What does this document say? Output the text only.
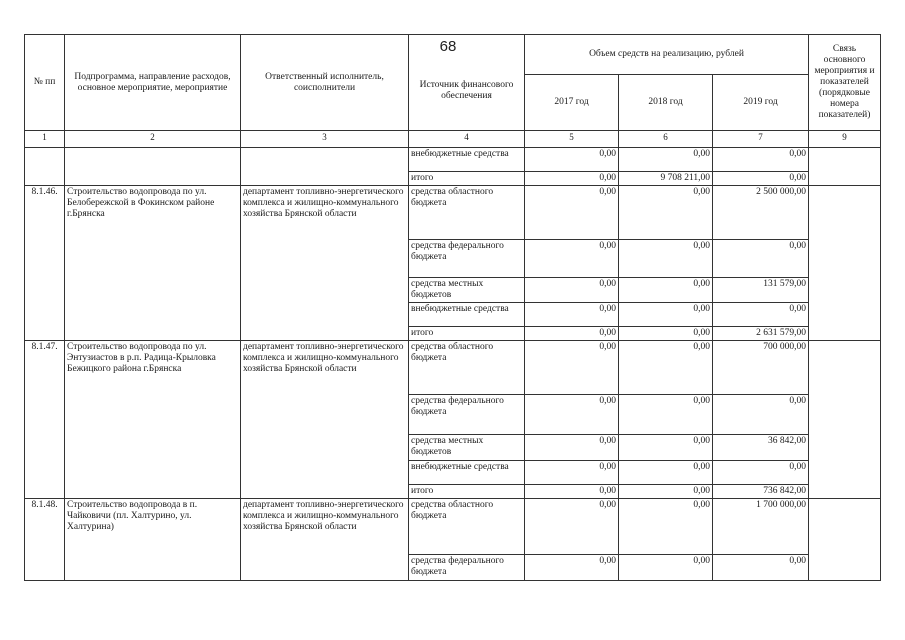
68
№ пп	Подпрограмма, направление расходов, основное мероприятие, мероприятие	Ответственный исполнитель, соисполнители	Источник финансового обеспечения	Объем средств на реализацию, рублей			Связь основного мероприятия и показателей (порядковые номера показателей)
				2017 год	2018 год	2019 год	
1	2	3	4	5	6	7	9
			внебюджетные средства	0,00	0,00	0,00	
			итого	0,00	9 708 211,00	0,00	
8.1.46.	Строительство водопровода по ул. Белобережской в Фокинском районе г.Брянска	департамент топливно-энергетического комплекса и жилищно-коммунального хозяйства Брянской области	средства областного бюджета	0,00	0,00	2 500 000,00	
			средства федерального бюджета	0,00	0,00	0,00	
			средства местных бюджетов	0,00	0,00	131 579,00	
			внебюджетные средства	0,00	0,00	0,00	
			итого	0,00	0,00	2 631 579,00	
8.1.47.	Строительство водопровода по ул. Энтузиастов в р.п. Радица-Крыловка Бежицкого района г.Брянска	департамент топливно-энергетического комплекса и жилищно-коммунального хозяйства Брянской области	средства областного бюджета	0,00	0,00	700 000,00	
			средства федерального бюджета	0,00	0,00	0,00	
			средства местных бюджетов	0,00	0,00	36 842,00	
			внебюджетные средства	0,00	0,00	0,00	
			итого	0,00	0,00	736 842,00	
8.1.48.	Строительство водопровода в п. Чайковичи (пл. Халтурино, ул. Халтурина)	департамент топливно-энергетического комплекса и жилищно-коммунального хозяйства Брянской области	средства областного бюджета	0,00	0,00	1 700 000,00	
			средства федерального бюджета	0,00	0,00	0,00	
